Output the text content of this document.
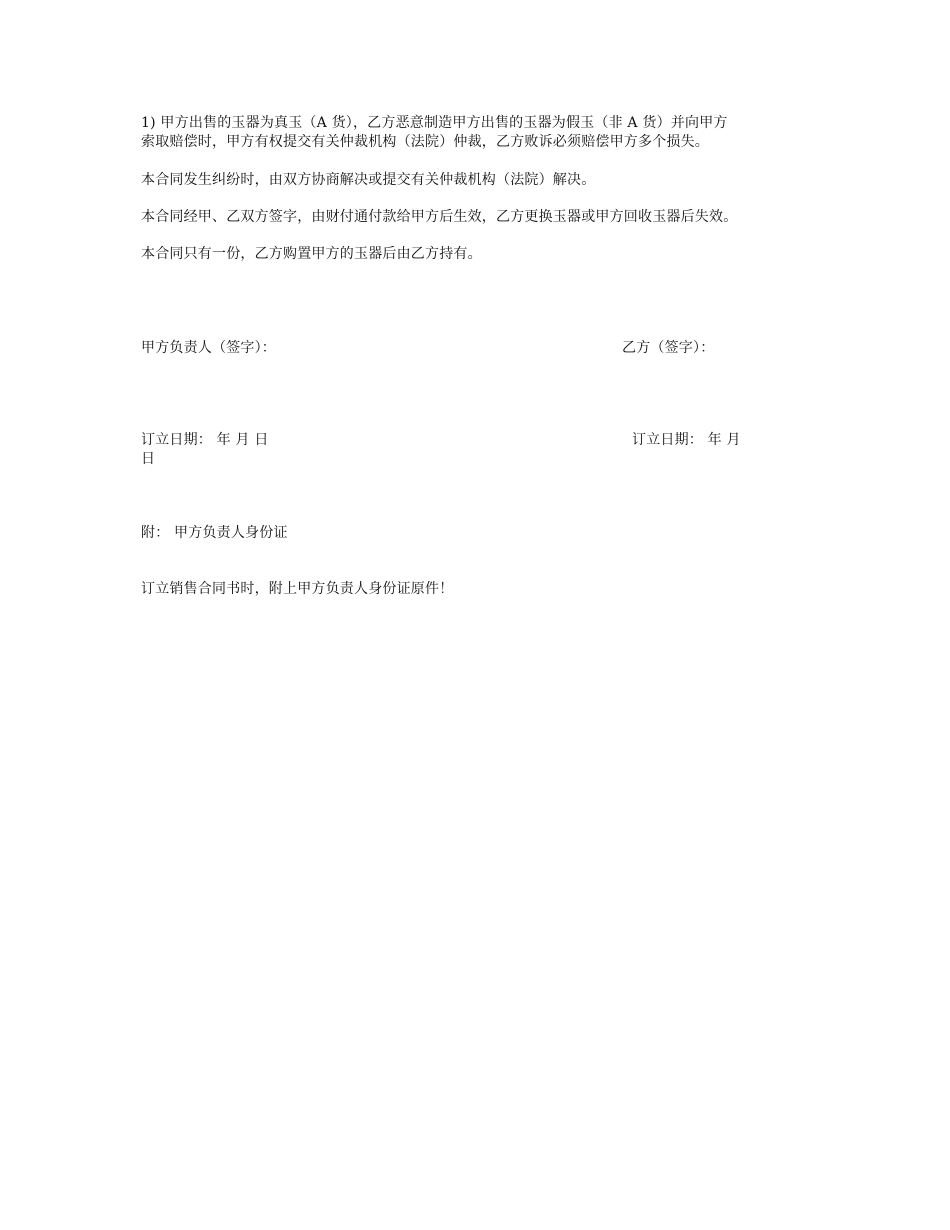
1) 甲方出售的玉器为真玉（A 货），乙方恶意制造甲方出售的玉器为假玉（非 A 货）并向甲方
索取赔偿时，甲方有权提交有关仲裁机构（法院）仲裁，乙方败诉必须赔偿甲方多个损失。
本合同发生纠纷时，由双方协商解决或提交有关仲裁机构（法院）解决。
本合同经甲、乙双方签字，由财付通付款给甲方后生效，乙方更换玉器或甲方回收玉器后失效。
本合同只有一份，乙方购置甲方的玉器后由乙方持有。
甲方负责人（签字）：	乙方（签字）：
订立日期： 年 月 日	订立日期： 年 月
日
附： 甲方负责人身份证
订立销售合同书时，附上甲方负责人身份证原件！
